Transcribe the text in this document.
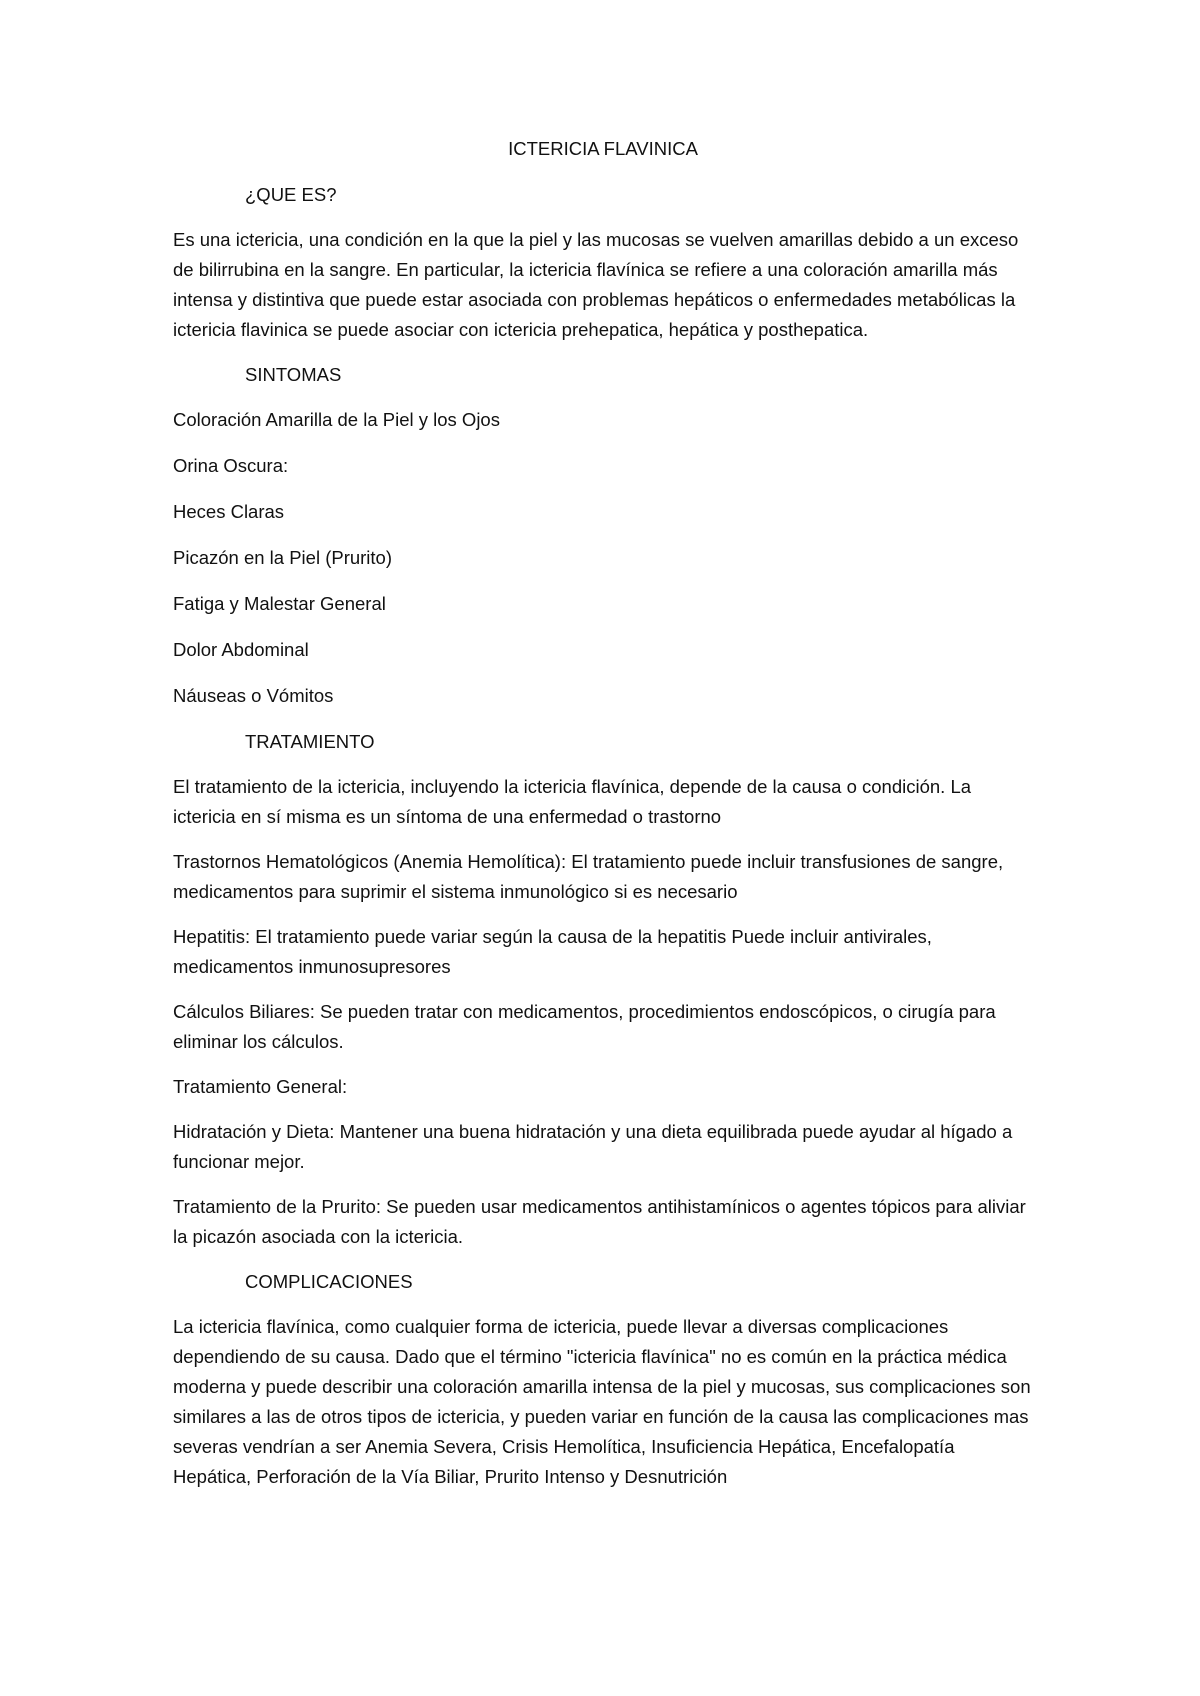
ICTERICIA FLAVINICA
¿QUE ES?
Es una ictericia, una condición en la que la piel y las mucosas se vuelven amarillas debido a un exceso de bilirrubina en la sangre. En particular, la ictericia flavínica se refiere a una coloración amarilla más intensa y distintiva que puede estar asociada con problemas hepáticos o enfermedades metabólicas la ictericia flavinica se puede asociar con ictericia prehepatica, hepática y posthepatica.
SINTOMAS
Coloración Amarilla de la Piel y los Ojos
Orina Oscura:
Heces Claras
Picazón en la Piel (Prurito)
Fatiga y Malestar General
Dolor Abdominal
Náuseas o Vómitos
TRATAMIENTO
El tratamiento de la ictericia, incluyendo la ictericia flavínica, depende de la causa o condición. La ictericia en sí misma es un síntoma de una enfermedad o trastorno
Trastornos Hematológicos (Anemia Hemolítica): El tratamiento puede incluir transfusiones de sangre, medicamentos para suprimir el sistema inmunológico si es necesario
Hepatitis: El tratamiento puede variar según la causa de la hepatitis Puede incluir antivirales, medicamentos inmunosupresores
Cálculos Biliares: Se pueden tratar con medicamentos, procedimientos endoscópicos, o cirugía para eliminar los cálculos.
Tratamiento General:
Hidratación y Dieta: Mantener una buena hidratación y una dieta equilibrada puede ayudar al hígado a funcionar mejor.
Tratamiento de la Prurito: Se pueden usar medicamentos antihistamínicos o agentes tópicos para aliviar la picazón asociada con la ictericia.
COMPLICACIONES
La ictericia flavínica, como cualquier forma de ictericia, puede llevar a diversas complicaciones dependiendo de su causa. Dado que el término "ictericia flavínica" no es común en la práctica médica moderna y puede describir una coloración amarilla intensa de la piel y mucosas, sus complicaciones son similares a las de otros tipos de ictericia, y pueden variar en función de la causa las complicaciones mas severas vendrían a ser Anemia Severa, Crisis Hemolítica, Insuficiencia Hepática, Encefalopatía Hepática, Perforación de la Vía Biliar, Prurito Intenso y Desnutrición
